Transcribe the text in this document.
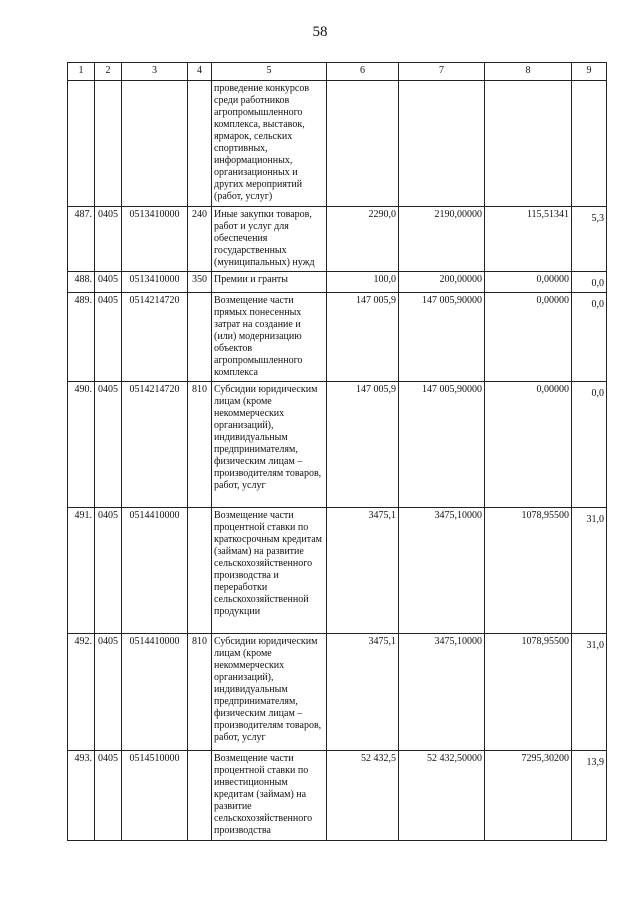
58
1	2	3	4	5	6	7	8	9
				проведение конкурсов среди работников агропромышленного комплекса, выставок, ярмарок, сельских спортивных, информационных, организационных и других мероприятий (работ, услуг)				
487.	0405	0513410000	240	Иные закупки товаров, работ и услуг для обеспечения государственных (муниципальных) нужд	2290,0	2190,00000	115,51341	5,3
488.	0405	0513410000	350	Премии и гранты	100,0	200,00000	0,00000	0,0
489.	0405	0514214720		Возмещение части прямых понесенных затрат на создание и (или) модернизацию объектов агропромышленного комплекса	147 005,9	147 005,90000	0,00000	0,0
490.	0405	0514214720	810	Субсидии юридическим лицам (кроме некоммерческих организаций), индивидуальным предпринимателям, физическим лицам – производителям товаров, работ, услуг	147 005,9	147 005,90000	0,00000	0,0
491.	0405	0514410000		Возмещение части процентной ставки по краткосрочным кредитам (займам) на развитие сельскохозяйственного производства и переработки сельскохозяйственной продукции	3475,1	3475,10000	1078,95500	31,0
492.	0405	0514410000	810	Субсидии юридическим лицам (кроме некоммерческих организаций), индивидуальным предпринимателям, физическим лицам – производителям товаров, работ, услуг	3475,1	3475,10000	1078,95500	31,0
493.	0405	0514510000		Возмещение части процентной ставки по инвестиционным кредитам (займам) на развитие сельскохозяйственного производства	52 432,5	52 432,50000	7295,30200	13,9
